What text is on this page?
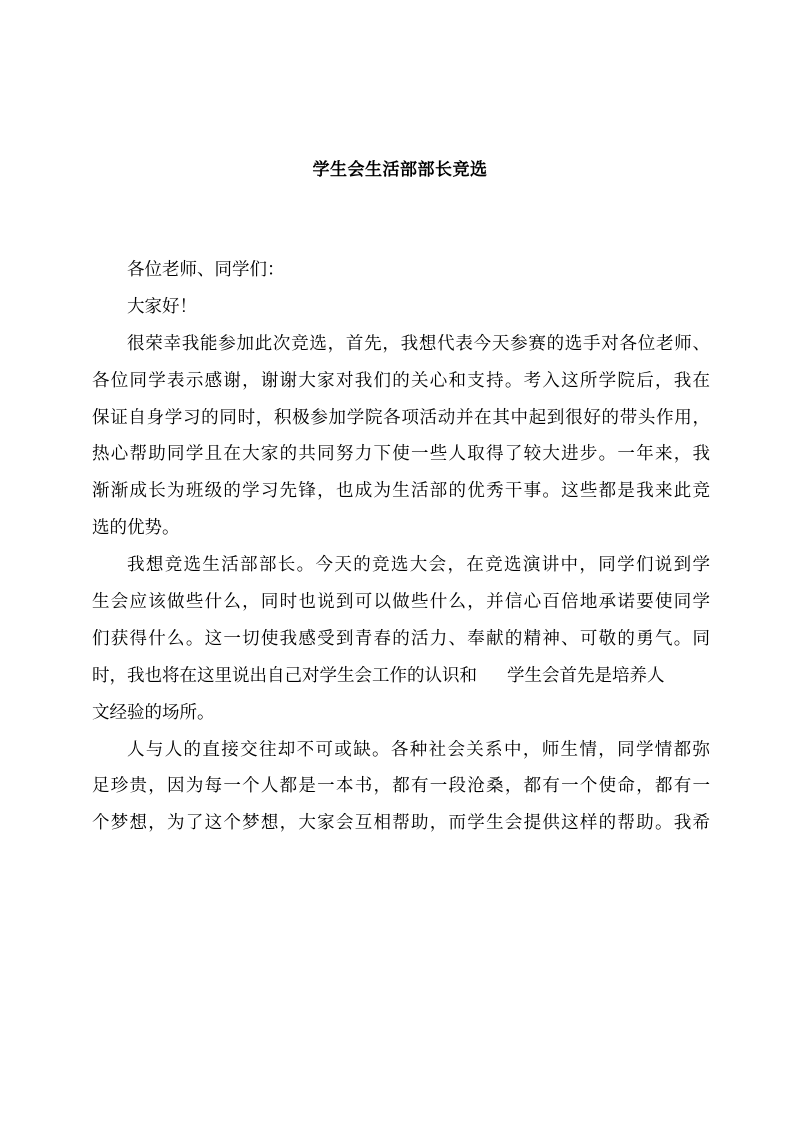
学生会生活部部长竞选
各位老师、同学们：
大家好！
很荣幸我能参加此次竞选，首先，我想代表今天参赛的选手对各位老师、
各位同学表示感谢，谢谢大家对我们的关心和支持。考入这所学院后，我在
保证自身学习的同时，积极参加学院各项活动并在其中起到很好的带头作用，
热心帮助同学且在大家的共同努力下使一些人取得了较大进步。一年来，我
渐渐成长为班级的学习先锋，也成为生活部的优秀干事。这些都是我来此竞
选的优势。
我想竞选生活部部长。今天的竞选大会，在竞选演讲中，同学们说到学
生会应该做些什么，同时也说到可以做些什么，并信心百倍地承诺要使同学
们获得什么。这一切使我感受到青春的活力、奉献的精神、可敬的勇气。同
时，我也将在这里说出自己对学生会工作的认识和 学生会首先是培养人
文经验的场所。
人与人的直接交往却不可或缺。各种社会关系中，师生情，同学情都弥
足珍贵，因为每一个人都是一本书，都有一段沧桑，都有一个使命，都有一
个梦想，为了这个梦想，大家会互相帮助，而学生会提供这样的帮助。我希
